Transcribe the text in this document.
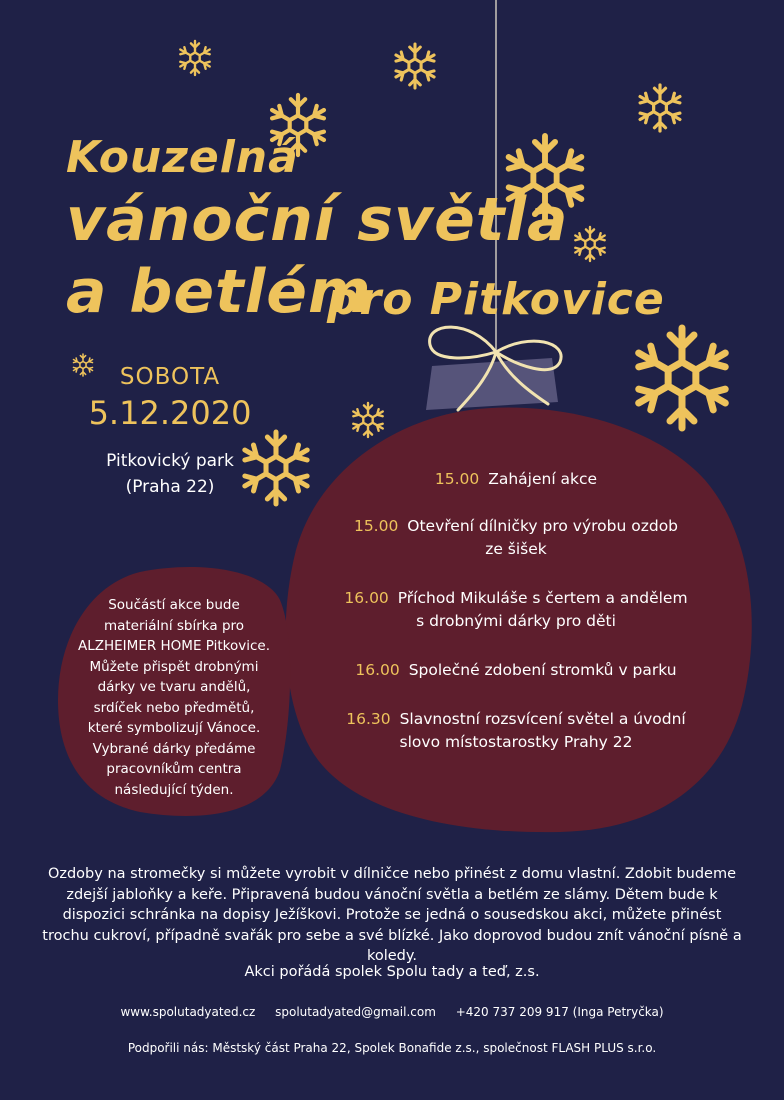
Kouzelná
vánoční světla
a betlém
pro Pitkovice
SOBOTA
5.12.2020
Pitkovický park
(Praha 22)
Součástí akce bude materiální sbírka pro ALZHEIMER HOME Pitkovice. Můžete přispět drobnými dárky ve tvaru andělů, srdíček nebo předmětů, které symbolizují Vánoce. Vybrané dárky předáme pracovníkům centra následující týden.
15.00 Zahájení akce
15.00 Otevření dílničky pro výrobu ozdob ze šišek
16.00 Příchod Mikuláše s čertem a andělem s drobnými dárky pro děti
16.00 Společné zdobení stromků v parku
16.30 Slavnostní rozsvícení světel a úvodní slovo místostarostky Prahy 22
Ozdoby na stromečky si můžete vyrobit v dílničce nebo přinést z domu vlastní. Zdobit budeme zdejší jabloňky a keře. Připravená budou vánoční světla a betlém ze slámy. Dětem bude k dispozici schránka na dopisy Ježíškovi. Protože se jedná o sousedskou akci, můžete přinést trochu cukroví, případně svařák pro sebe a své blízké. Jako doprovod budou znít vánoční písně a koledy.
Akci pořádá spolek Spolu tady a teď, z.s.
www.spolutadyated.cz spolutadyated@gmail.com +420 737 209 917 (Inga Petryčka)
Podpořili nás: Městský část Praha 22, Spolek Bonafide z.s., společnost FLASH PLUS s.r.o.
